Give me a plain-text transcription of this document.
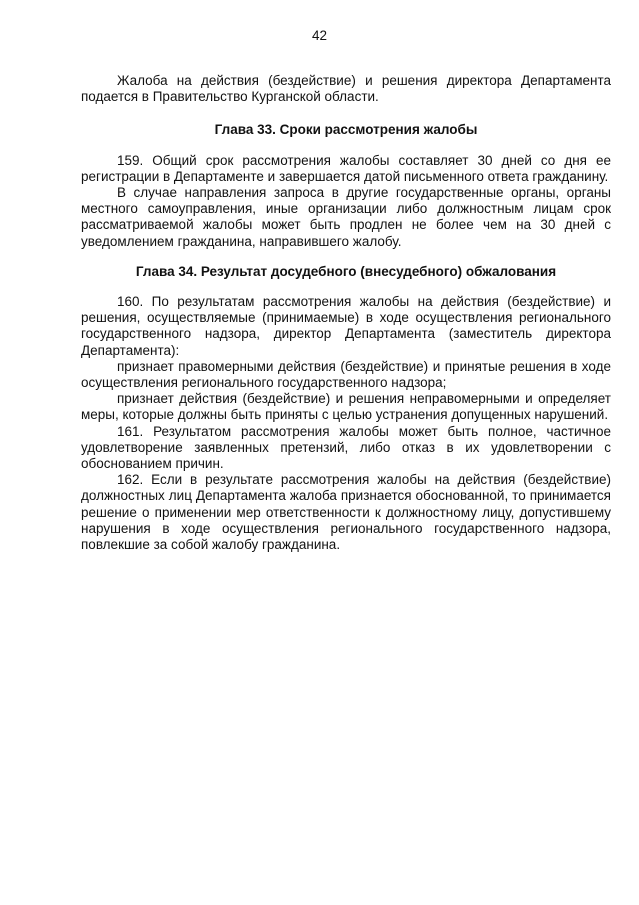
42

Жалоба на действия (бездействие) и решения директора Департамента подается в Правительство Курганской области.

Глава 33. Сроки рассмотрения жалобы

159. Общий срок рассмотрения жалобы составляет 30 дней со дня ее регистрации в Департаменте и завершается датой письменного ответа гражданину.

В случае направления запроса в другие государственные органы, органы местного самоуправления, иные организации либо должностным лицам срок рассматриваемой жалобы может быть продлен не более чем на 30 дней с уведомлением гражданина, направившего жалобу.

Глава 34. Результат досудебного (внесудебного) обжалования

160. По результатам рассмотрения жалобы на действия (бездействие) и решения, осуществляемые (принимаемые) в ходе осуществления регионального государственного надзора, директор Департамента (заместитель директора Департамента):

признает правомерными действия (бездействие) и принятые решения в ходе осуществления регионального государственного надзора;

признает действия (бездействие) и решения неправомерными и определяет меры, которые должны быть приняты с целью устранения допущенных нарушений.

161. Результатом рассмотрения жалобы может быть полное, частичное удовлетворение заявленных претензий, либо отказ в их удовлетворении с обоснованием причин.

162. Если в результате рассмотрения жалобы на действия (бездействие) должностных лиц Департамента жалоба признается обоснованной, то принимается решение о применении мер ответственности к должностному лицу, допустившему нарушения в ходе осуществления регионального государственного надзора, повлекшие за собой жалобу гражданина.
